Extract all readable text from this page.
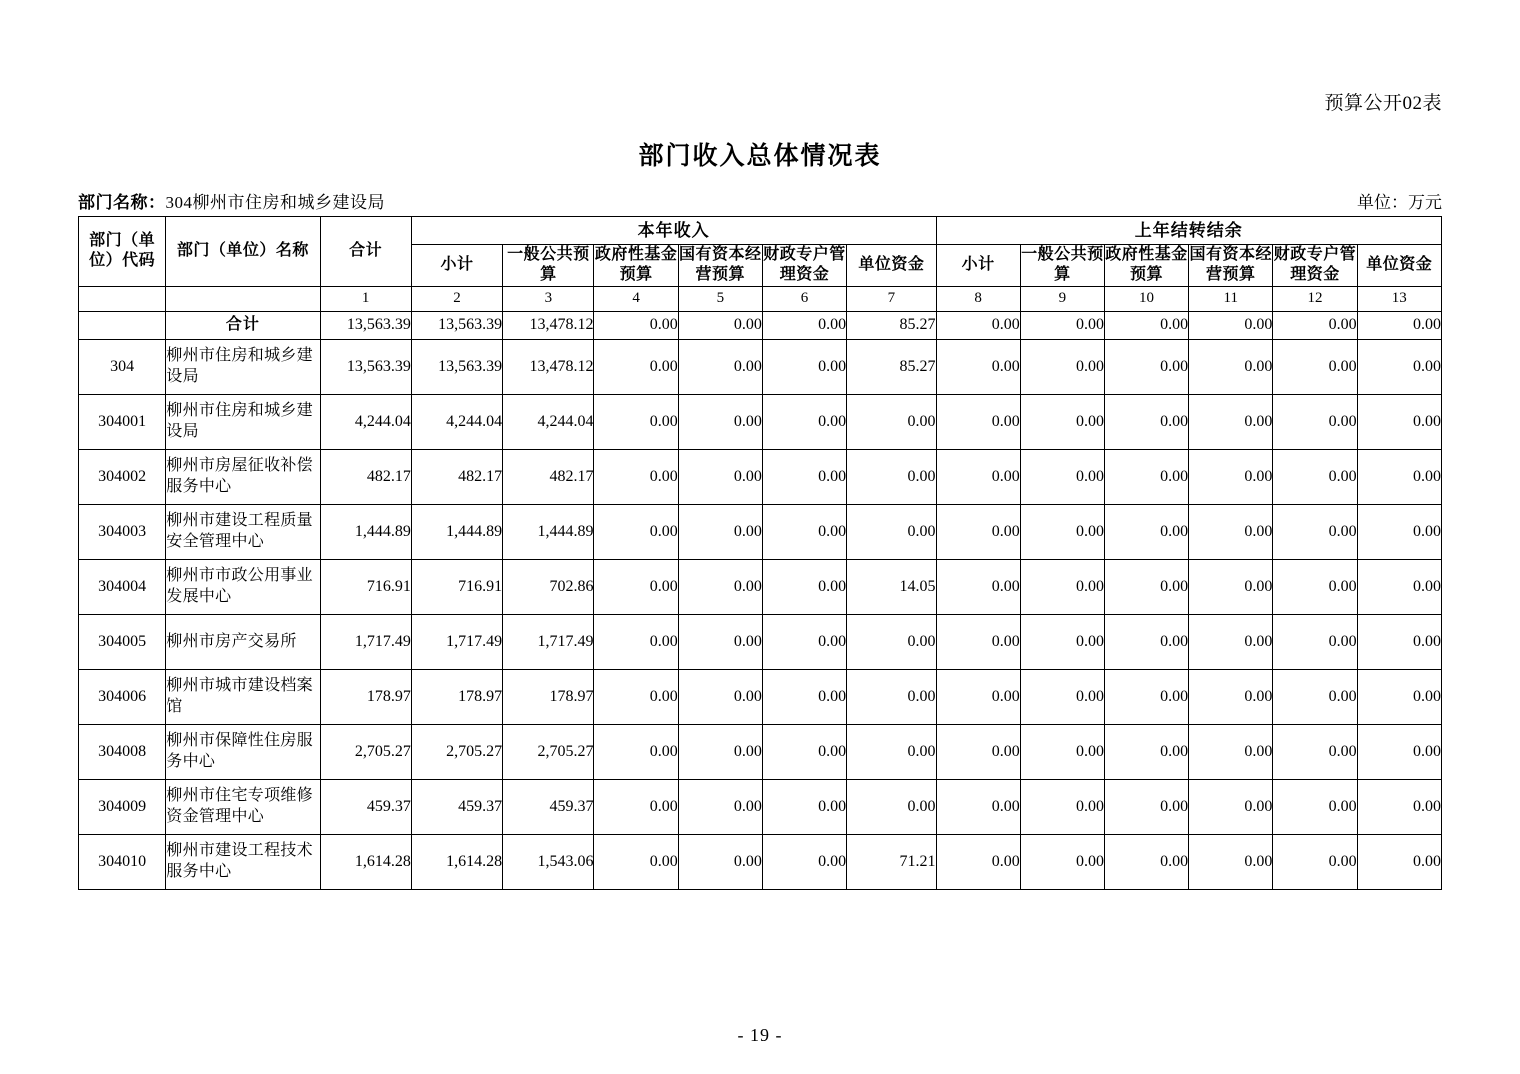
预算公开02表
部门收入总体情况表
部门名称：304柳州市住房和城乡建设局	单位：万元
部门（单位）代码	部门（单位）名称	合计	本年收入						上年结转结余					
			小计	一般公共预算	政府性基金预算	国有资本经营预算	财政专户管理资金	单位资金	小计	一般公共预算	政府性基金预算	国有资本经营预算	财政专户管理资金	单位资金
		1	2	3	4	5	6	7	8	9	10	11	12	13
	合计	13,563.39	13,563.39	13,478.12	0.00	0.00	0.00	85.27	0.00	0.00	0.00	0.00	0.00	0.00
304	柳州市住房和城乡建设局	13,563.39	13,563.39	13,478.12	0.00	0.00	0.00	85.27	0.00	0.00	0.00	0.00	0.00	0.00
304001	柳州市住房和城乡建设局	4,244.04	4,244.04	4,244.04	0.00	0.00	0.00	0.00	0.00	0.00	0.00	0.00	0.00	0.00
304002	柳州市房屋征收补偿服务中心	482.17	482.17	482.17	0.00	0.00	0.00	0.00	0.00	0.00	0.00	0.00	0.00	0.00
304003	柳州市建设工程质量安全管理中心	1,444.89	1,444.89	1,444.89	0.00	0.00	0.00	0.00	0.00	0.00	0.00	0.00	0.00	0.00
304004	柳州市市政公用事业发展中心	716.91	716.91	702.86	0.00	0.00	0.00	14.05	0.00	0.00	0.00	0.00	0.00	0.00
304005	柳州市房产交易所	1,717.49	1,717.49	1,717.49	0.00	0.00	0.00	0.00	0.00	0.00	0.00	0.00	0.00	0.00
304006	柳州市城市建设档案馆	178.97	178.97	178.97	0.00	0.00	0.00	0.00	0.00	0.00	0.00	0.00	0.00	0.00
304008	柳州市保障性住房服务中心	2,705.27	2,705.27	2,705.27	0.00	0.00	0.00	0.00	0.00	0.00	0.00	0.00	0.00	0.00
304009	柳州市住宅专项维修资金管理中心	459.37	459.37	459.37	0.00	0.00	0.00	0.00	0.00	0.00	0.00	0.00	0.00	0.00
304010	柳州市建设工程技术服务中心	1,614.28	1,614.28	1,543.06	0.00	0.00	0.00	71.21	0.00	0.00	0.00	0.00	0.00	0.00
- 19 -
